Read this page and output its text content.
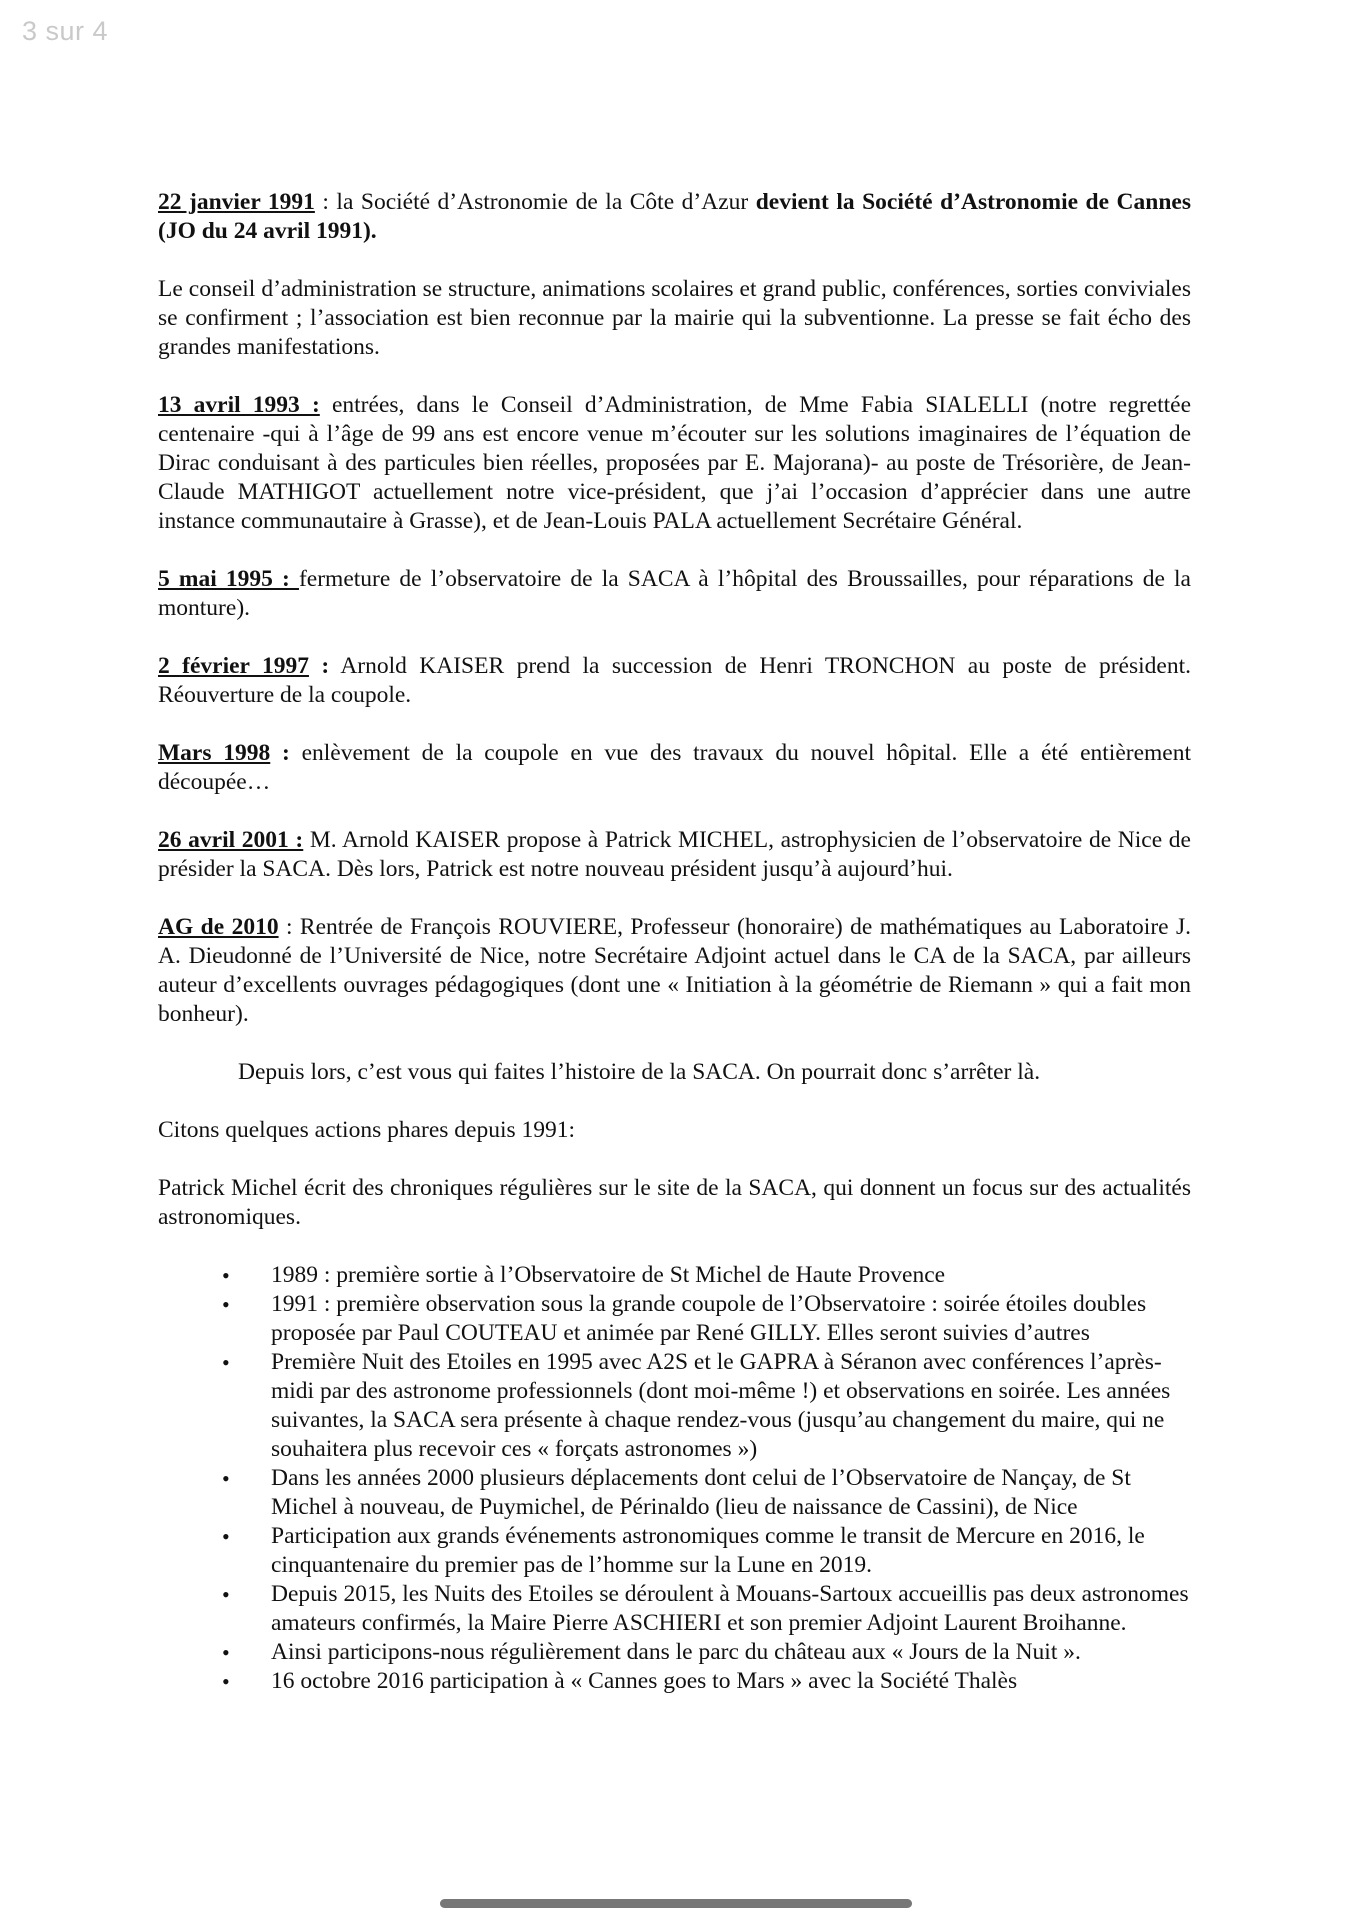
3 sur 4

22 janvier 1991 : la Société d’Astronomie de la Côte d’Azur devient la Société d’Astronomie de Cannes (JO du 24 avril 1991).

Le conseil d’administration se structure, animations scolaires et grand public, conférences, sorties conviviales se confirment ; l’association est bien reconnue par la mairie qui la subventionne. La presse se fait écho des grandes manifestations.

13 avril 1993 : entrées, dans le Conseil d’Administration, de Mme Fabia SIALELLI (notre regrettée centenaire -qui à l’âge de 99 ans est encore venue m’écouter sur les solutions imaginaires de l’équation de Dirac conduisant à des particules bien réelles, proposées par E. Majorana)- au poste de Trésorière, de Jean-Claude MATHIGOT actuellement notre vice-président, que j’ai l’occasion d’apprécier dans une autre instance communautaire à Grasse), et de Jean-Louis PALA actuellement Secrétaire Général.

5 mai 1995 : fermeture de l’observatoire de la SACA à l’hôpital des Broussailles, pour réparations de la monture).

2 février 1997 : Arnold KAISER prend la succession de Henri TRONCHON au poste de président. Réouverture de la coupole.

Mars 1998 : enlèvement de la coupole en vue des travaux du nouvel hôpital. Elle a été entièrement découpée…

26 avril 2001 : M. Arnold KAISER propose à Patrick MICHEL, astrophysicien de l’observatoire de Nice de présider la SACA. Dès lors, Patrick est notre nouveau président jusqu’à aujourd’hui.

AG de 2010 : Rentrée de François ROUVIERE, Professeur (honoraire) de mathématiques au Laboratoire J. A. Dieudonné de l’Université de Nice, notre Secrétaire Adjoint actuel dans le CA de la SACA, par ailleurs auteur d’excellents ouvrages pédagogiques (dont une « Initiation à la géométrie de Riemann » qui a fait mon bonheur).

Depuis lors, c’est vous qui faites l’histoire de la SACA. On pourrait donc s’arrêter là.

Citons quelques actions phares depuis 1991:

Patrick Michel écrit des chroniques régulières sur le site de la SACA, qui donnent un focus sur des actualités astronomiques.

• 1989 : première sortie à l’Observatoire de St Michel de Haute Provence
• 1991 : première observation sous la grande coupole de l’Observatoire : soirée étoiles doubles proposée par Paul COUTEAU et animée par René GILLY. Elles seront suivies d’autres
• Première Nuit des Etoiles en 1995 avec A2S et le GAPRA à Séranon avec conférences l’après-midi par des astronome professionnels (dont moi-même !) et observations en soirée. Les années suivantes, la SACA sera présente à chaque rendez-vous (jusqu’au changement du maire, qui ne souhaitera plus recevoir ces « forçats astronomes »)
• Dans les années 2000 plusieurs déplacements dont celui de l’Observatoire de Nançay, de St Michel à nouveau, de Puymichel, de Périnaldo (lieu de naissance de Cassini), de Nice
• Participation aux grands événements astronomiques comme le transit de Mercure en 2016, le cinquantenaire du premier pas de l’homme sur la Lune en 2019.
• Depuis 2015, les Nuits des Etoiles se déroulent à Mouans-Sartoux accueillis pas deux astronomes amateurs confirmés, la Maire Pierre ASCHIERI et son premier Adjoint Laurent Broihanne.
• Ainsi participons-nous régulièrement dans le parc du château aux « Jours de la Nuit ».
• 16 octobre 2016 participation à « Cannes goes to Mars » avec la Société Thalès
